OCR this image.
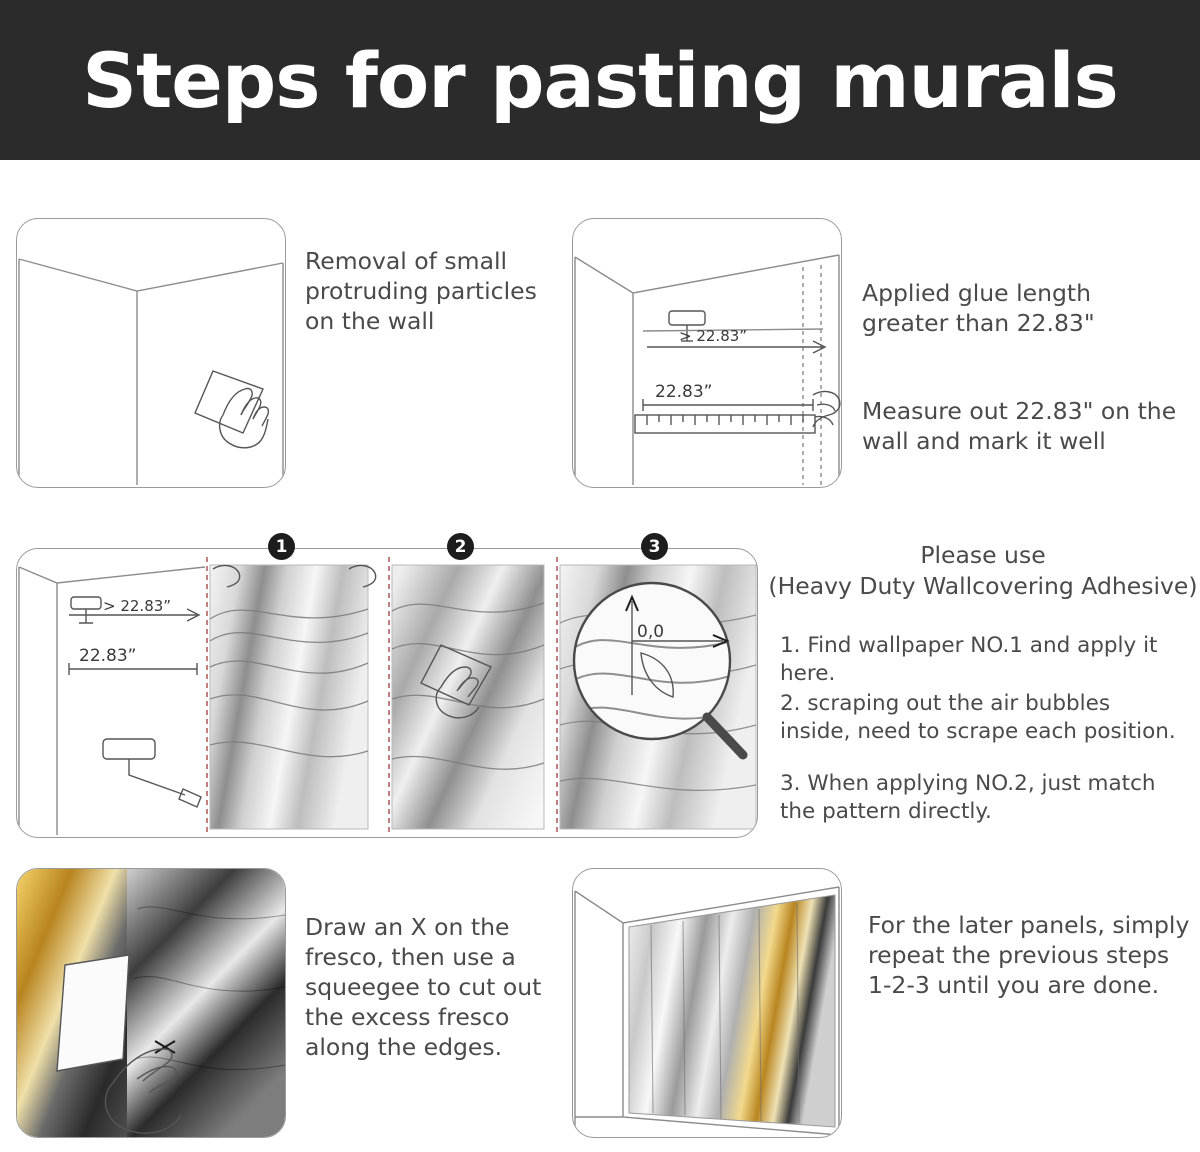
Steps for pasting murals
Removal of small protruding particles on the wall
> 22.83”
22.83”
Applied glue length greater than 22.83"
Measure out 22.83" on the wall and mark it well
1	2	3
> 22.83”
22.83”
0,0
Please use
(Heavy Duty Wallcovering Adhesive)
1. Find wallpaper NO.1 and apply it here.
2. scraping out the air bubbles inside, need to scrape each position.
3. When applying NO.2, just match the pattern directly.
Draw an X on the fresco, then use a squeegee to cut out the excess fresco along the edges.
For the later panels, simply repeat the previous steps 1-2-3 until you are done.
